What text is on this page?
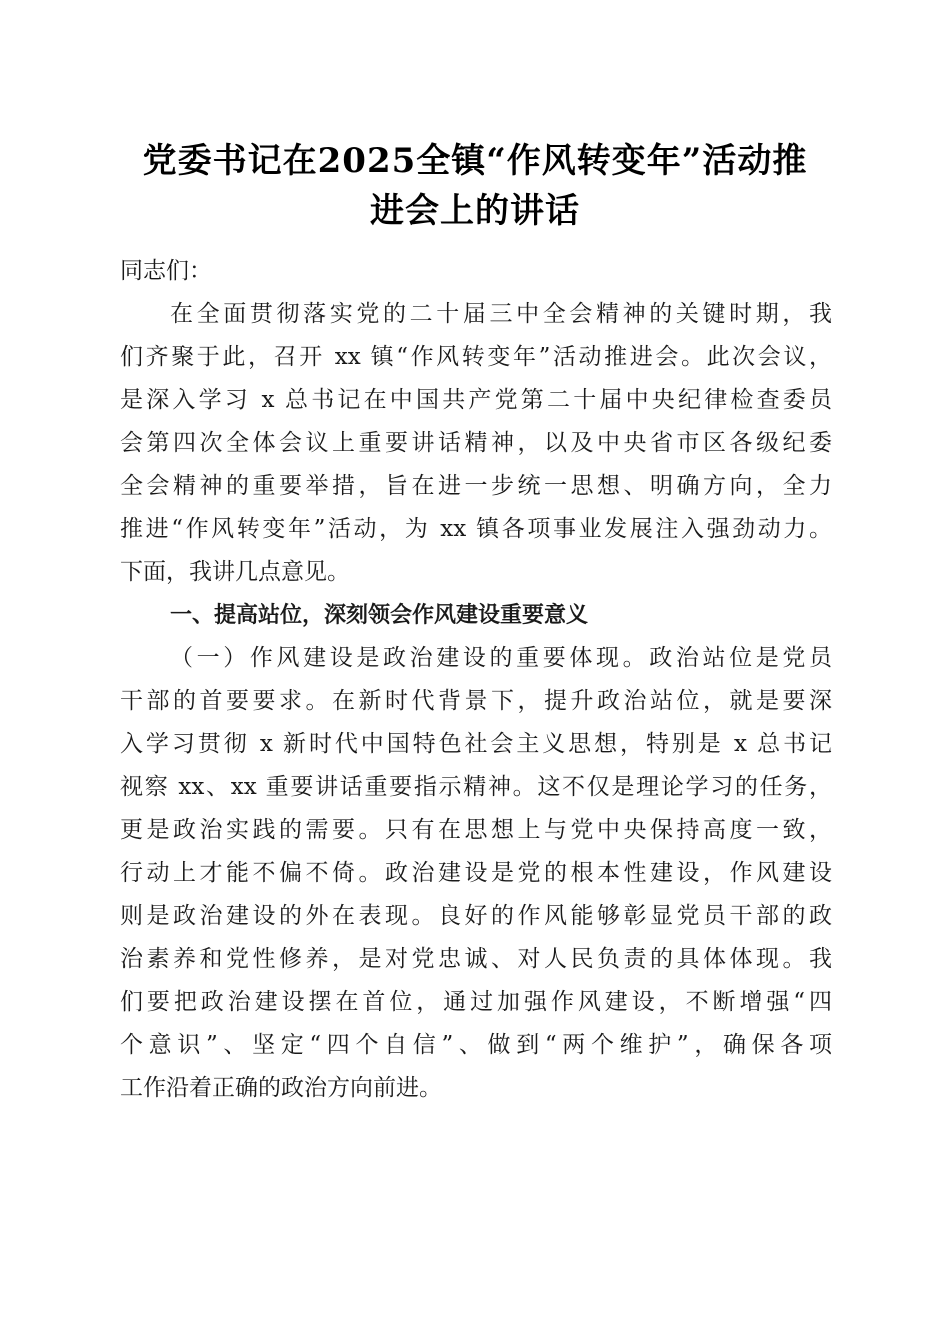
党委书记在2025全镇“作风转变年”活动推
进会上的讲话

同志们：

在全面贯彻落实党的二十届三中全会精神的关键时期，我
们齐聚于此，召开 xx 镇“作风转变年”活动推进会。此次会议，
是深入学习 x 总书记在中国共产党第二十届中央纪律检查委员
会第四次全体会议上重要讲话精神，以及中央省市区各级纪委
全会精神的重要举措，旨在进一步统一思想、明确方向，全力
推进“作风转变年”活动，为 xx 镇各项事业发展注入强劲动力。
下面，我讲几点意见。

一、提高站位，深刻领会作风建设重要意义

（一）作风建设是政治建设的重要体现。政治站位是党员
干部的首要要求。在新时代背景下，提升政治站位，就是要深
入学习贯彻 x 新时代中国特色社会主义思想，特别是 x 总书记
视察 xx、xx 重要讲话重要指示精神。这不仅是理论学习的任务，
更是政治实践的需要。只有在思想上与党中央保持高度一致，
行动上才能不偏不倚。政治建设是党的根本性建设，作风建设
则是政治建设的外在表现。良好的作风能够彰显党员干部的政
治素养和党性修养，是对党忠诚、对人民负责的具体体现。我
们要把政治建设摆在首位，通过加强作风建设，不断增强“四
个意识”、坚定“四个自信”、做到“两个维护”，确保各项
工作沿着正确的政治方向前进。
